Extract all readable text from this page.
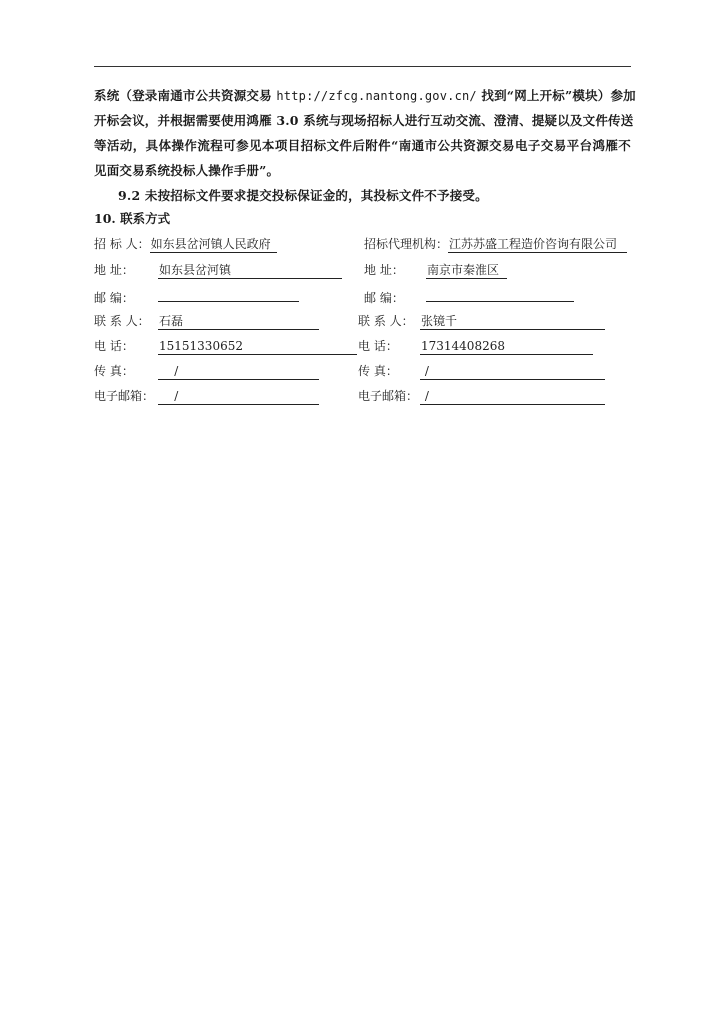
系统（登录南通市公共资源交易 http://zfcg.nantong.gov.cn/ 找到“网上开标”模块）参加
开标会议，并根据需要使用鸿雁 3.0 系统与现场招标人进行互动交流、澄清、提疑以及文件传送
等活动，具体操作流程可参见本项目招标文件后附件“南通市公共资源交易电子交易平台鸿雁不
见面交易系统投标人操作手册”。
9.2 未按招标文件要求提交投标保证金的，其投标文件不予接受。
10. 联系方式
招 标 人：如东县岔河镇人民政府
地 址： 如东县岔河镇
邮 编：
联 系 人： 石磊
电 话： 15151330652
传 真：    /
电子邮箱：    /
招标代理机构：江苏苏盛工程造价咨询有限公司
地 址： 南京市秦淮区
邮 编：
联 系 人： 张镜千
电 话： 17314408268
传 真： /
电子邮箱： /
